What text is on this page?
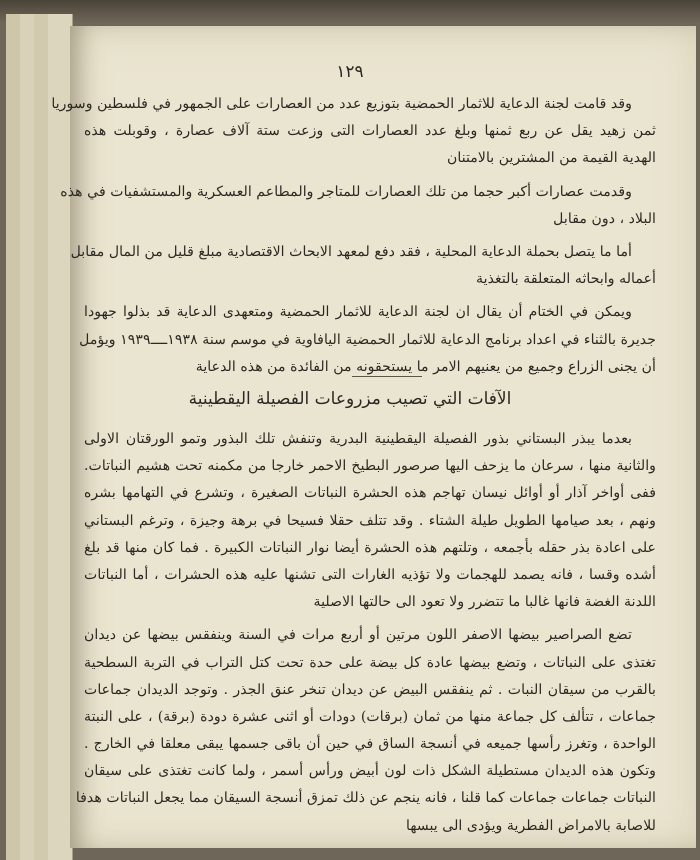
١٢٩
وقد قامت لجنة الدعاية للاثمار الحمضية بتوزيع عدد من العصارات على الجمهور في فلسطين وسوريا
ثمن زهيد يقل عن ربع ثمنها وبلغ عدد العصارات التى وزعت ستة آلاف عصارة ، وقوبلت هذه
الهدية القيمة من المشترين بالامتنان
وقدمت عصارات أكبر حجما من تلك العصارات للمتاجر والمطاعم العسكرية والمستشفيات في هذه
البلاد ، دون مقابل
أما ما يتصل بحملة الدعاية المحلية ، فقد دفع لمعهد الابحاث الاقتصادية مبلغ قليل من المال مقابل
أعماله وابحاثه المتعلقة بالتغذية
ويمكن في الختام أن يقال ان لجنة الدعاية للاثمار الحمضية ومتعهدى الدعاية قد بذلوا جهودا
جديرة بالثناء في اعداد برنامج الدعاية للاثمار الحمضية اليافاوية في موسم سنة ١٩٣٨ــــ١٩٣٩ ويؤمل
أن يجنى الزراع وجميع من يعنيهم الامر ما يستحقونه من الفائدة من هذه الدعاية
الآفات التي تصيب مزروعات الفصيلة اليقطينية
بعدما يبذر البستاني بذور الفصيلة اليقطينية البدرية وتنفش تلك البذور وتمو الورقتان الاولى
والثانية منها ، سرعان ما يزحف اليها صرصور البطيخ الاحمر خارجا من مكمنه تحت هشيم النباتات.
ففى أواخر آذار أو أوائل نيسان تهاجم هذه الحشرة النباتات الصغيرة ، وتشرع في التهامها بشره
ونهم ، بعد صيامها الطويل طيلة الشتاء . وقد تتلف حقلا فسيحا في برهة وجيزة ، وترغم البستاني
على اعادة بذر حقله بأجمعه ، وتلتهم هذه الحشرة أيضا نوار النباتات الكبيرة . فما كان منها قد بلغ
أشده وقسا ، فانه يصمد للهجمات ولا تؤذيه الغارات التى تشنها عليه هذه الحشرات ، أما النباتات
اللدنة الغضة فانها غالبا ما تتضرر ولا تعود الى حالتها الاصلية
تضع الصراصير بيضها الاصفر اللون مرتين أو أربع مرات في السنة وينفقس بيضها عن ديدان
تغتذى على النباتات ، وتضع بيضها عادة كل بيضة على حدة تحت كتل التراب في التربة السطحية
بالقرب من سيقان النبات . ثم ينفقس البيض عن ديدان تنخر عنق الجذر . وتوجد الديدان جماعات
جماعات ، تتألف كل جماعة منها من ثمان (برقات) دودات أو اثنى عشرة دودة (برقة) ، على النبتة
الواحدة ، وتغرز رأسها جميعه في أنسجة الساق في حين أن باقى جسمها يبقى معلقا في الخارج .
وتكون هذه الديدان مستطيلة الشكل ذات لون أبيض ورأس أسمر ، ولما كانت تغتذى على سيقان
النباتات جماعات جماعات كما قلنا ، فانه ينجم عن ذلك تمزق أنسجة السيقان مما يجعل النباتات هدفا
للاصابة بالامراض الفطرية ويؤدى الى يبسها
